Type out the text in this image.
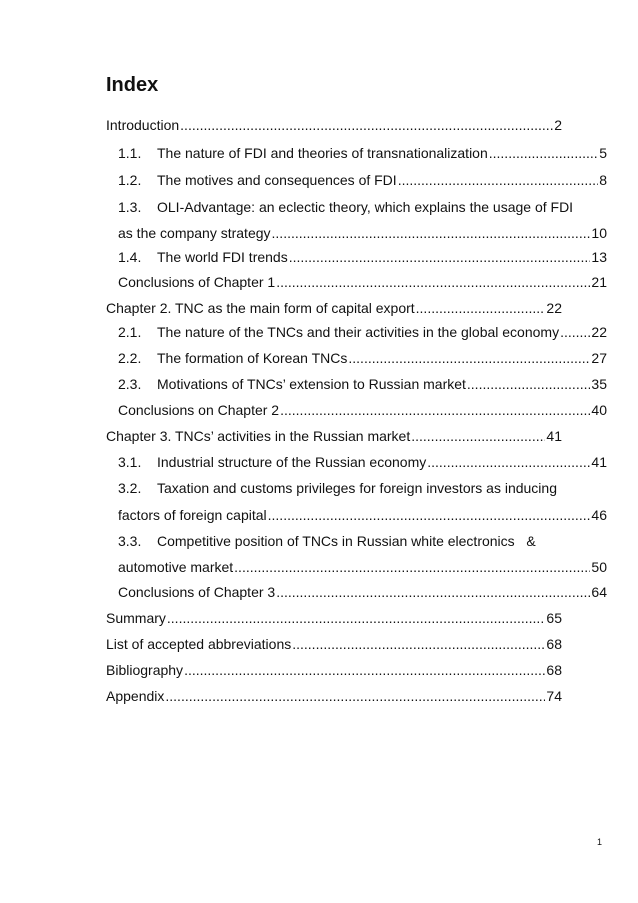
Index
Introduction .....	2
1.1. The nature of FDI and theories of transnationalization .....	5
1.2. The motives and consequences of FDI .....	8
1.3. OLI-Advantage: an eclectic theory, which explains the usage of FDI
as the company strategy .....	10
1.4. The world FDI trends .....	13
Conclusions of Chapter 1 .....	21
Chapter 2. TNC as the main form of capital export .....	22
2.1. The nature of the TNCs and their activities in the global economy ..... 22
2.2. The formation of Korean TNCs .....	27
2.3. Motivations of TNCs’ extension to Russian market .....	35
Conclusions on Chapter 2 .....	40
Chapter 3. TNCs’ activities in the Russian market .....	41
3.1. Industrial structure of the Russian economy .....	41
3.2. Taxation and customs privileges for foreign investors as inducing
factors of foreign capital .....	46
3.3. Competitive position of TNCs in Russian white electronics   &
automotive market .....	50
Conclusions of Chapter 3 .....	64
Summary .....	65
List of accepted abbreviations .....	68
Bibliography .....	68
Appendix .....	74
1
